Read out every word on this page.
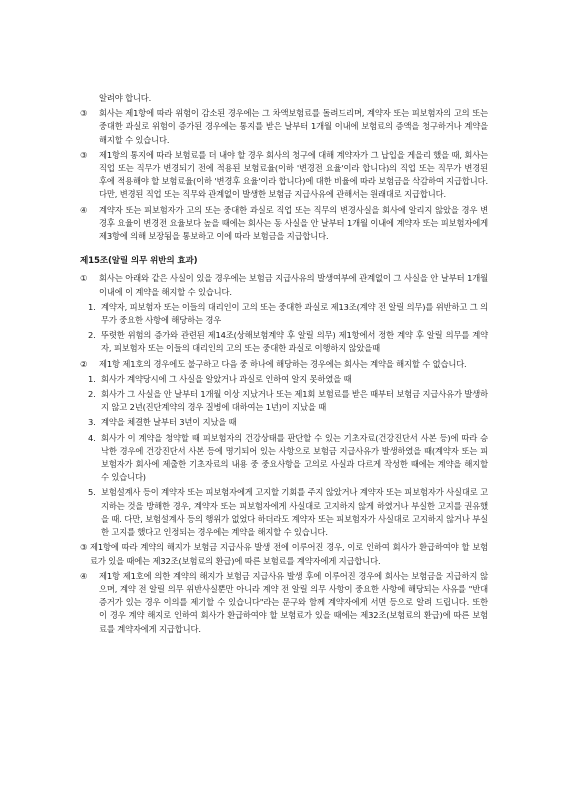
알려야 합니다.

③	회사는 제1항에 따라 위험이 감소된 경우에는 그 차액보험료를 돌려드리며, 계약자 또는 피보험자의 고의 또는 중대한 과실로 위험이 증가된 경우에는 통지를 받은 날부터 1개월 이내에 보험료의 증액을 청구하거나 계약을 해지할 수 있습니다.

③	제1항의 통지에 따라 보험료를 더 내야 할 경우 회사의 청구에 대해 계약자가 그 납입을 게을리 했을 때, 회사는 직업 또는 직무가 변경되기 전에 적용된 보험료율(이하 '변경전 요율'이라 합니다)의 직업 또는 직무가 변경된 후에 적용해야 할 보험료율(이하 '변경후 요율'이라 합니다)에 대한 비율에 따라 보험금을 삭감하여 지급합니다. 다만, 변경된 직업 또는 직무와 관계없이 발생한 보험금 지급사유에 관해서는 원래대로 지급합니다.

④	계약자 또는 피보험자가 고의 또는 중대한 과실로 직업 또는 직무의 변경사실을 회사에 알리지 않았을 경우 변경후 요율이 변경전 요율보다 높을 때에는 회사는 동 사실을 안 날부터 1개월 이내에 계약자 또는 피보험자에게 제3항에 의해 보장됨을 통보하고 이에 따라 보험금을 지급합니다.

제15조(알릴 의무 위반의 효과)
①	회사는 아래와 같은 사실이 있을 경우에는 보험금 지급사유의 발생여부에 관계없이 그 사실을 안 날부터 1개월 이내에 이 계약을 해지할 수 있습니다.

1. 계약자, 피보험자 또는 이들의 대리인이 고의 또는 중대한 과실로 제13조(계약 전 알릴 의무)를 위반하고 그 의무가 중요한 사항에 해당하는 경우

2. 뚜렷한 위험의 증가와 관련된 제14조(상해보험계약 후 알릴 의무) 제1항에서 정한 계약 후 알릴 의무를 계약자, 피보험자 또는 이들의 대리인의 고의 또는 중대한 과실로 이행하지 않았을때

②	제1항 제1호의 경우에도 불구하고 다음 중 하나에 해당하는 경우에는 회사는 계약을 해지할 수 없습니다.

1. 회사가 계약당시에 그 사실을 알았거나 과실로 인하여 알지 못하였을 때

2. 회사가 그 사실을 안 날부터 1개월 이상 지났거나 또는 제1회 보험료를 받은 때부터 보험금 지급사유가 발생하지 않고 2년(진단계약의 경우 질병에 대하여는 1년)이 지났을 때

3. 계약을 체결한 날부터 3년이 지났을 때

4. 회사가 이 계약을 청약할 때 피보험자의 건강상태를 판단할 수 있는 기초자료(건강진단서 사본 등)에 따라 승낙한 경우에 건강진단서 사본 등에 명기되어 있는 사항으로 보험금 지급사유가 발생하였을 때(계약자 또는 피보험자가 회사에 제출한 기초자료의 내용 중 중요사항을 고의로 사실과 다르게 작성한 때에는 계약을 해지할 수 있습니다)

5. 보험설계사 등이 계약자 또는 피보험자에게 고지할 기회를 주지 않았거나 계약자 또는 피보험자가 사실대로 고지하는 것을 방해한 경우, 계약자 또는 피보험자에게 사실대로 고지하지 않게 하였거나 부실한 고지를 권유했을 때. 다만, 보험설계사 등의 행위가 없었다 하더라도 계약자 또는 피보험자가 사실대로 고지하지 않거나 부실한 고지를 했다고 인정되는 경우에는 계약을 해지할 수 있습니다.

③ 제1항에 따라 계약의 해지가 보험금 지급사유 발생 전에 이루어진 경우, 이로 인하여 회사가 환급하여야 할 보험료가 있을 때에는 제32조(보험료의 환급)에 따른 보험료를 계약자에게 지급합니다.

④	제1항 제1호에 의한 계약의 해지가 보험금 지급사유 발생 후에 이루어진 경우에 회사는 보험금을 지급하지 않으며, 계약 전 알릴 의무 위반사실뿐만 아니라 계약 전 알릴 의무 사항이 중요한 사항에 해당되는 사유를 "반대증거가 있는 경우 이의를 제기할 수 있습니다"라는 문구와 함께 계약자에게 서면 등으로 알려 드립니다. 또한 이 경우 계약 해지로 인하여 회사가 환급하여야 할 보험료가 있을 때에는 제32조(보험료의 환급)에 따른 보험료를 계약자에게 지급합니다.
